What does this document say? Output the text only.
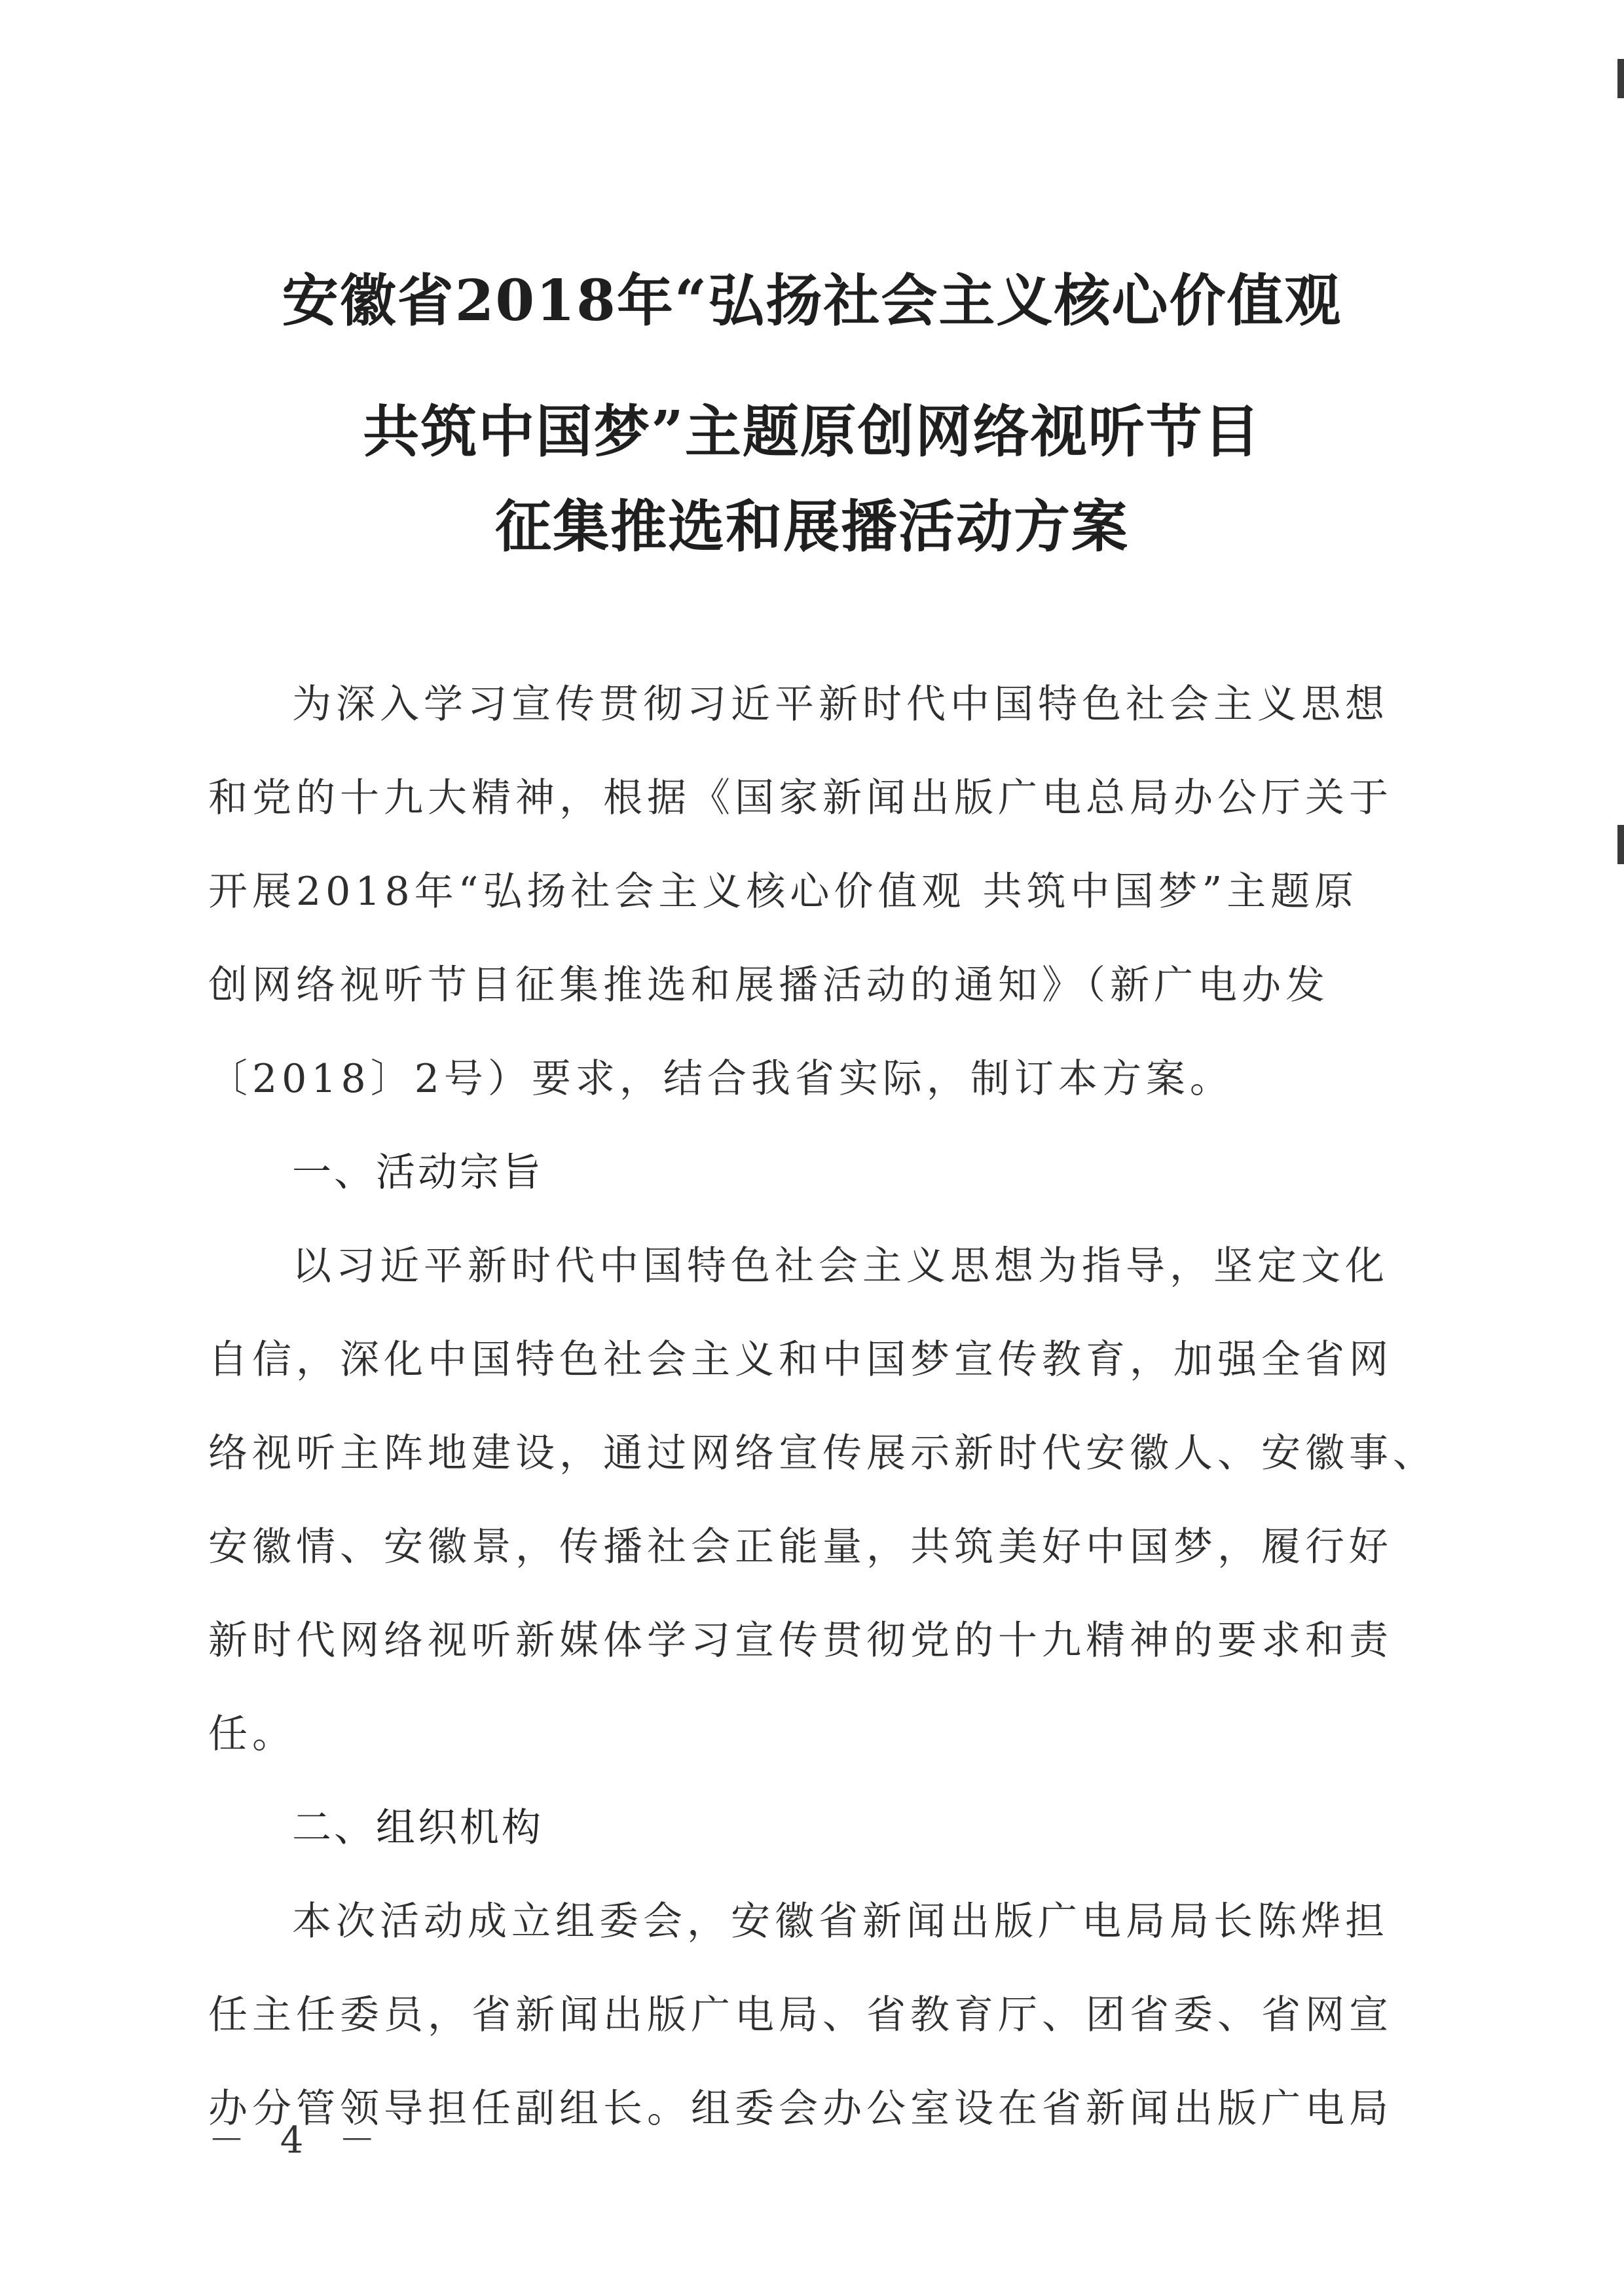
安徽省2018年“弘扬社会主义核心价值观
共筑中国梦”主题原创网络视听节目
征集推选和展播活动方案
为深入学习宣传贯彻习近平新时代中国特色社会主义思想
和党的十九大精神，根据《国家新闻出版广电总局办公厅关于
开展2018年“弘扬社会主义核心价值观 共筑中国梦”主题原
创网络视听节目征集推选和展播活动的通知》（新广电办发
〔2018〕2号）要求，结合我省实际，制订本方案。
一、活动宗旨
以习近平新时代中国特色社会主义思想为指导，坚定文化
自信，深化中国特色社会主义和中国梦宣传教育，加强全省网
络视听主阵地建设，通过网络宣传展示新时代安徽人、安徽事、
安徽情、安徽景，传播社会正能量，共筑美好中国梦，履行好
新时代网络视听新媒体学习宣传贯彻党的十九精神的要求和责
任。
二、组织机构
本次活动成立组委会，安徽省新闻出版广电局局长陈烨担
任主任委员，省新闻出版广电局、省教育厅、团省委、省网宣
办分管领导担任副组长。组委会办公室设在省新闻出版广电局
－ 4 －
